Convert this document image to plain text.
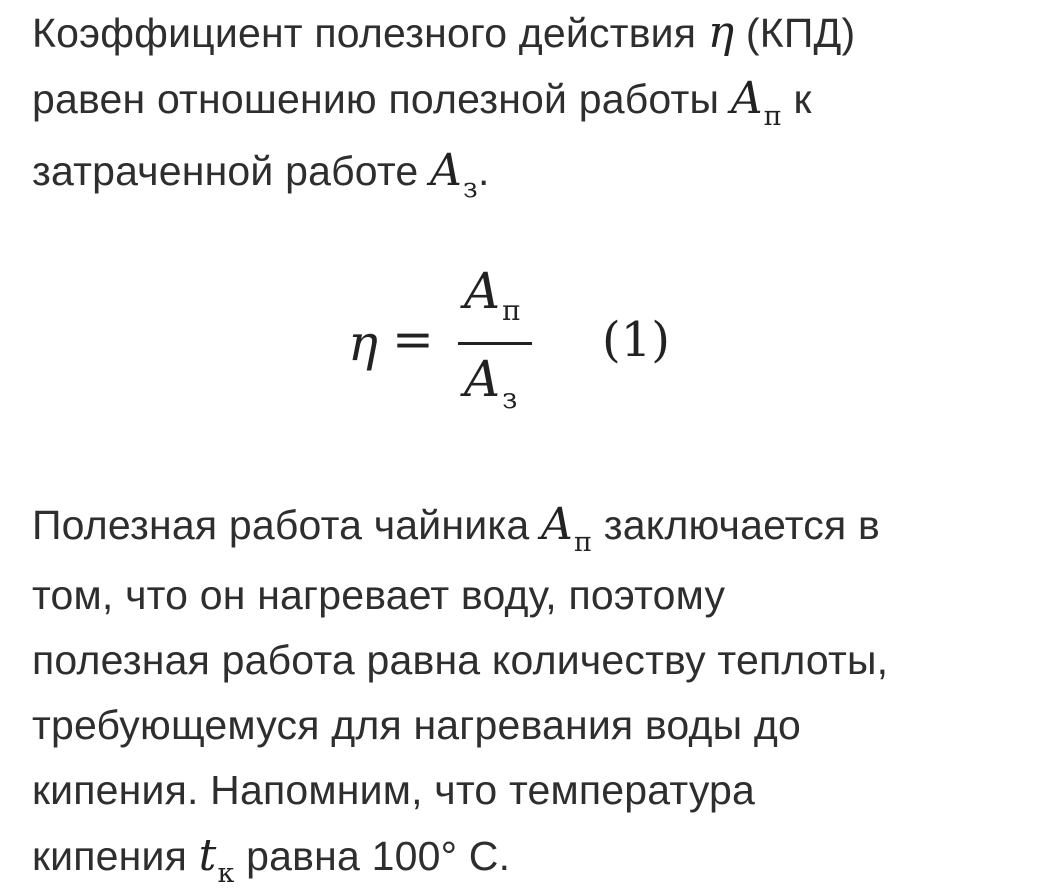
Коэффициент полезного действия η (КПД)
равен отношению полезной работы $A_п$ к
затраченной работе $A_з$.
η =
$A_п$
$A_з$
(1)
Полезная работа чайника $A_п$ заключается в
том, что он нагревает воду, поэтому
полезная работа равна количеству теплоты,
требующемуся для нагревания воды до
кипения. Напомним, что температура
кипения $t_к$ равна 100° С.
